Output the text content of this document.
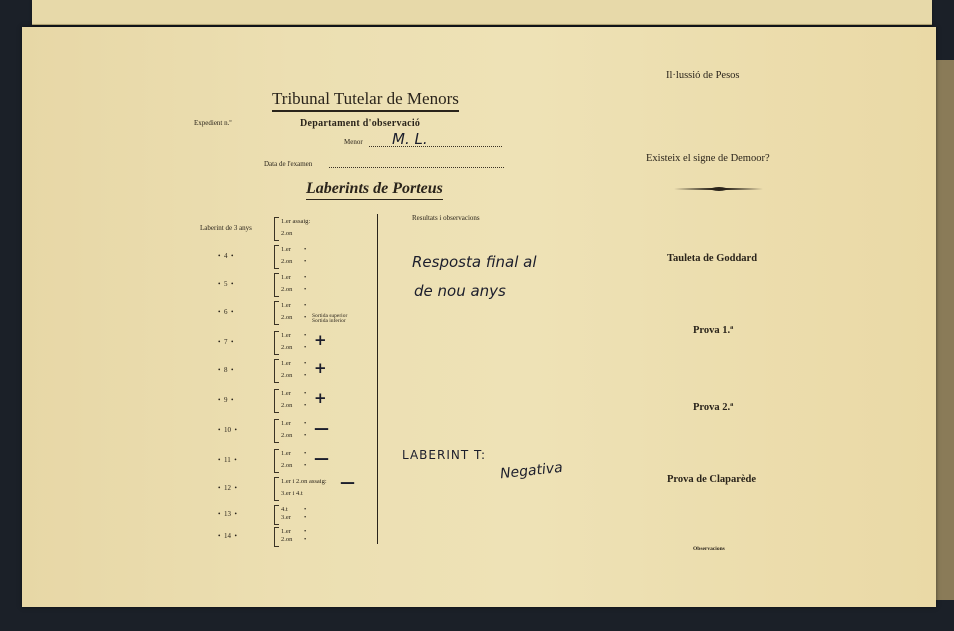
Tribunal Tutelar de Menors
Expedient n.º	Departament d'observació
Menor M. L.
Data de l'examen
Laberints de Porteus
Resultats i observacions
Laberint de 3 anys
1.er assaig:
2.on
•  4  •
1.er
2.on
•
•
•  5  •
1.er
2.on
•
•
•  6  •
1.er
2.on
•
• Sortida superior
Sortida inferior
•  7  •
1.er
2.on
•
• +
•  8  •
1.er
2.on
•
• +
•  9  •
1.er
2.on
•
• +
•  10  •
1.er
2.on
•
• —
•  11  •
1.er
2.on
•
• —
•  12  •
1.er i 2.on assaig:
3.er i 4.t
—
•  13  •
4.t
3.er
•
•
•  14  •
1.er
2.on
•
•
Resposta final al
de nou anys
LABERINT T:
Negativa
Il·lussió de Pesos
Existeix el signe de Demoor?
Tauleta de Goddard
Prova 1.ª
Prova 2.ª
Prova de Claparède
Observacions
